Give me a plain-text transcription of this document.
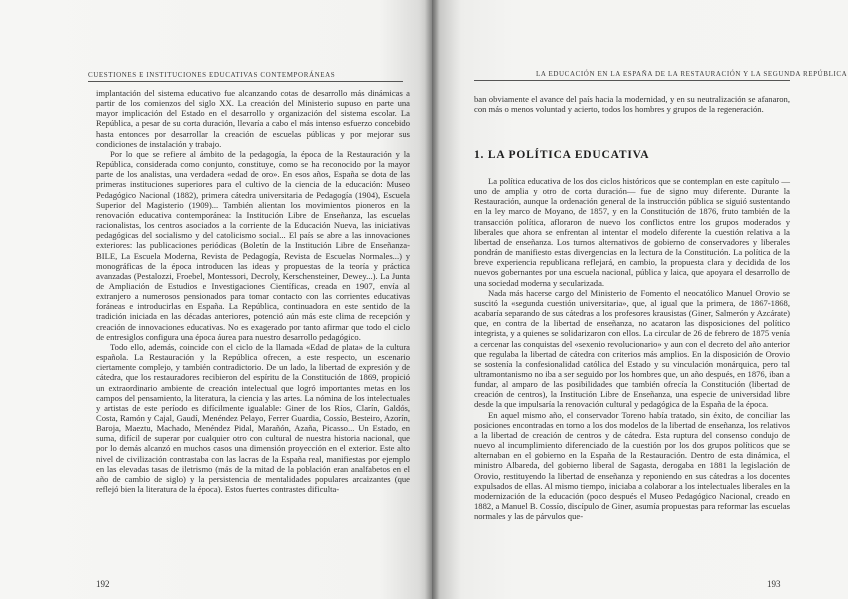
CUESTIONES E INSTITUCIONES EDUCATIVAS CONTEMPORÁNEAS

implantación del sistema educativo fue alcanzando cotas de desarrollo más dinámicas a partir de los comienzos del siglo XX. La creación del Ministerio supuso en parte una mayor implicación del Estado en el desarrollo y organización del sistema escolar. La República, a pesar de su corta duración, llevaría a cabo el más intenso esfuerzo concebido hasta entonces por desarrollar la creación de escuelas públicas y por mejorar sus condiciones de instalación y trabajo.

Por lo que se refiere al ámbito de la pedagogía, la época de la Restauración y la República, considerada como conjunto, constituye, como se ha reconocido por la mayor parte de los analistas, una verdadera «edad de oro». En esos años, España se dota de las primeras instituciones superiores para el cultivo de la ciencia de la educación: Museo Pedagógico Nacional (1882), primera cátedra universitaria de Pedagogía (1904), Escuela Superior del Magisterio (1909)... También alientan los movimientos pioneros en la renovación educativa contemporánea: la Institución Libre de Enseñanza, las escuelas racionalistas, los centros asociados a la corriente de la Educación Nueva, las iniciativas pedagógicas del socialismo y del catolicismo social... El país se abre a las innovaciones exteriores: las publicaciones periódicas (Boletín de la Institución Libre de Enseñanza-BILE, La Escuela Moderna, Revista de Pedagogía, Revista de Escuelas Normales...) y monográficas de la época introducen las ideas y propuestas de la teoría y práctica avanzadas (Pestalozzi, Froebel, Montessori, Decroly, Kerschensteiner, Dewey...). La Junta de Ampliación de Estudios e Investigaciones Científicas, creada en 1907, envía al extranjero a numerosos pensionados para tomar contacto con las corrientes educativas foráneas e introducirlas en España. La República, continuadora en este sentido de la tradición iniciada en las décadas anteriores, potenció aún más este clima de recepción y creación de innovaciones educativas. No es exagerado por tanto afirmar que todo el ciclo de entresiglos configura una época áurea para nuestro desarrollo pedagógico.

Todo ello, además, coincide con el ciclo de la llamada «Edad de plata» de la cultura española. La Restauración y la República ofrecen, a este respecto, un escenario ciertamente complejo, y también contradictorio. De un lado, la libertad de expresión y de cátedra, que los restauradores recibieron del espíritu de la Constitución de 1869, propició un extraordinario ambiente de creación intelectual que logró importantes metas en los campos del pensamiento, la literatura, la ciencia y las artes. La nómina de los intelectuales y artistas de este período es difícilmente igualable: Giner de los Ríos, Clarín, Galdós, Costa, Ramón y Cajal, Gaudí, Menéndez Pelayo, Ferrer Guardia, Cossío, Besteiro, Azorín, Baroja, Maeztu, Machado, Menéndez Pidal, Marañón, Azaña, Picasso... Un Estado, en suma, difícil de superar por cualquier otro con cultural de nuestra historia nacional, que por lo demás alcanzó en muchos casos una dimensión proyección en el exterior. Este alto nivel de civilización contrastaba con las lacras de la España real, manifiestas por ejemplo en las elevadas tasas de iletrismo (más de la mitad de la población eran analfabetos en el año de cambio de siglo) y la persistencia de mentalidades populares arcaizantes (que reflejó bien la literatura de la época). Estos fuertes contrastes dificulta-

192
LA EDUCACIÓN EN LA ESPAÑA DE LA RESTAURACIÓN Y LA SEGUNDA REPÚBLICA

ban obviamente el avance del país hacia la modernidad, y en su neutralización se afanaron, con más o menos voluntad y acierto, todos los hombres y grupos de la regeneración.

1. LA POLÍTICA EDUCATIVA

La política educativa de los dos ciclos históricos que se contemplan en este capítulo —uno de amplia y otro de corta duración— fue de signo muy diferente. Durante la Restauración, aunque la ordenación general de la instrucción pública se siguió sustentando en la ley marco de Moyano, de 1857, y en la Constitución de 1876, fruto también de la transacción política, afloraron de nuevo los conflictos entre los grupos moderados y liberales que ahora se enfrentan al intentar el modelo diferente la cuestión relativa a la libertad de enseñanza. Los turnos alternativos de gobierno de conservadores y liberales pondrán de manifiesto estas divergencias en la lectura de la Constitución. La política de la breve experiencia republicana reflejará, en cambio, la propuesta clara y decidida de los nuevos gobernantes por una escuela nacional, pública y laica, que apoyara el desarrollo de una sociedad moderna y secularizada.

Nada más hacerse cargo del Ministerio de Fomento el neocatólico Manuel Orovio se suscitó la «segunda cuestión universitaria», que, al igual que la primera, de 1867-1868, acabaría separando de sus cátedras a los profesores krausistas (Giner, Salmerón y Azcárate) que, en contra de la libertad de enseñanza, no acataron las disposiciones del político integrista, y a quienes se solidarizaron con ellos. La circular de 26 de febrero de 1875 venía a cercenar las conquistas del «sexenio revolucionario» y aun con el decreto del año anterior que regulaba la libertad de cátedra con criterios más amplios. En la disposición de Orovio se sostenía la confesionalidad católica del Estado y su vinculación monárquica, pero tal ultramontanismo no iba a ser seguido por los hombres que, un año después, en 1876, iban a fundar, al amparo de las posibilidades que también ofrecía la Constitución (libertad de creación de centros), la Institución Libre de Enseñanza, una especie de universidad libre desde la que impulsaría la renovación cultural y pedagógica de la España de la época.

En aquel mismo año, el conservador Toreno había tratado, sin éxito, de conciliar las posiciones encontradas en torno a los dos modelos de la libertad de enseñanza, los relativos a la libertad de creación de centros y de cátedra. Esta ruptura del consenso condujo de nuevo al incumplimiento diferenciado de la cuestión por los dos grupos políticos que se alternaban en el gobierno en la España de la Restauración. Dentro de esta dinámica, el ministro Albareda, del gobierno liberal de Sagasta, derogaba en 1881 la legislación de Orovio, restituyendo la libertad de enseñanza y reponiendo en sus cátedras a los docentes expulsados de ellas. Al mismo tiempo, iniciaba a colaborar a los intelectuales liberales en la modernización de la educación (poco después el Museo Pedagógico Nacional, creado en 1882, a Manuel B. Cossío, discípulo de Giner, asumía propuestas para reformar las escuelas normales y las de párvulos que-

193
